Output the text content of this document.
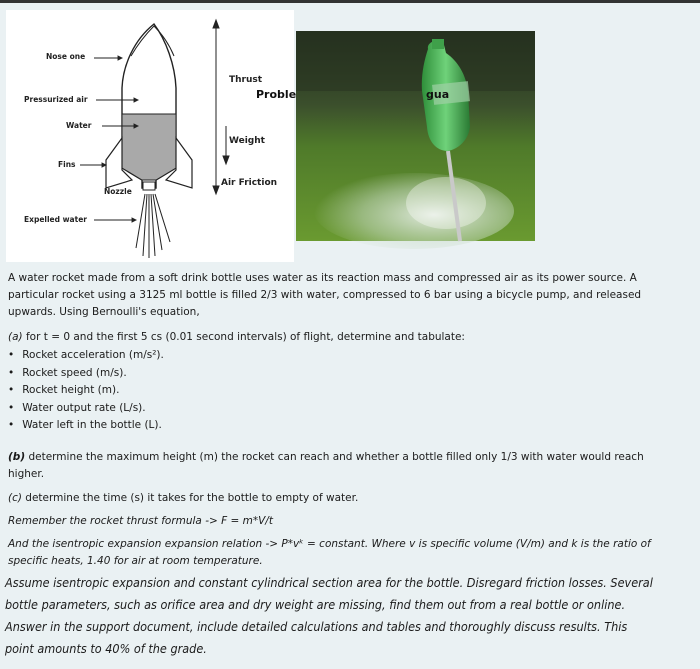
Nose one
Pressurized air
Water
Fins
Nozzle
Expelled water
Thrust
Weight
Air Friction
Proble	gua
A water rocket made from a soft drink bottle uses water as its reaction mass and compressed air as its power source. A particular rocket using a 3125 ml bottle is filled 2/3 with water, compressed to 6 bar using a bicycle pump, and released upwards. Using Bernoulli's equation,
(a) for t = 0 and the first 5 cs (0.01 second intervals) of flight, determine and tabulate:
• Rocket acceleration (m/s²).
• Rocket speed (m/s).
• Rocket height (m).
• Water output rate (L/s).
• Water left in the bottle (L).
(b) determine the maximum height (m) the rocket can reach and whether a bottle filled only 1/3 with water would reach higher.
(c) determine the time (s) it takes for the bottle to empty of water.
Remember the rocket thrust formula -> F = m*V/t
And the isentropic expansion expansion relation -> P*vᵏ = constant. Where v is specific volume (V/m) and k is the ratio of specific heats, 1.40 for air at room temperature.
Assume isentropic expansion and constant cylindrical section area for the bottle. Disregard friction losses. Several bottle parameters, such as orifice area and dry weight are missing, find them out from a real bottle or online. Answer in the support document, include detailed calculations and tables and thoroughly discuss results. This point amounts to 40% of the grade.
